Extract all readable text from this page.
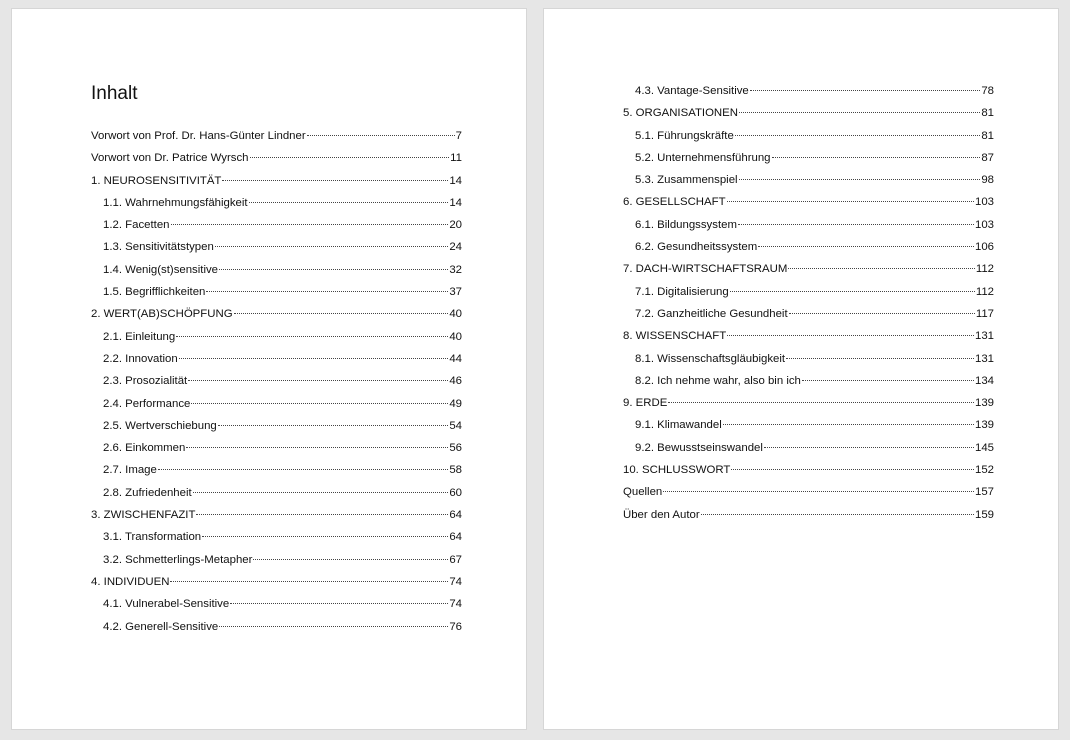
Inhalt
Vorwort von Prof. Dr. Hans-Günter Lindner	7
Vorwort von Dr. Patrice Wyrsch	11
1. NEUROSENSITIVITÄT	14
1.1. Wahrnehmungsfähigkeit	14
1.2. Facetten	20
1.3. Sensitivitätstypen	24
1.4. Wenig(st)sensitive	32
1.5. Begrifflichkeiten	37
2. WERT(AB)SCHÖPFUNG	40
2.1. Einleitung	40
2.2. Innovation	44
2.3. Prosozialität	46
2.4. Performance	49
2.5. Wertverschiebung	54
2.6. Einkommen	56
2.7. Image	58
2.8. Zufriedenheit	60
3. ZWISCHENFAZIT	64
3.1. Transformation	64
3.2. Schmetterlings-Metapher	67
4. INDIVIDUEN	74
4.1. Vulnerabel-Sensitive	74
4.2. Generell-Sensitive	76
4.3. Vantage-Sensitive	78
5. ORGANISATIONEN	81
5.1. Führungskräfte	81
5.2. Unternehmensführung	87
5.3. Zusammenspiel	98
6. GESELLSCHAFT	103
6.1. Bildungssystem	103
6.2. Gesundheitssystem	106
7. DACH-WIRTSCHAFTSRAUM	112
7.1. Digitalisierung	112
7.2. Ganzheitliche Gesundheit	117
8. WISSENSCHAFT	131
8.1. Wissenschaftsgläubigkeit	131
8.2. Ich nehme wahr, also bin ich	134
9. ERDE	139
9.1. Klimawandel	139
9.2. Bewusstseinswandel	145
10. SCHLUSSWORT	152
Quellen	157
Über den Autor	159
